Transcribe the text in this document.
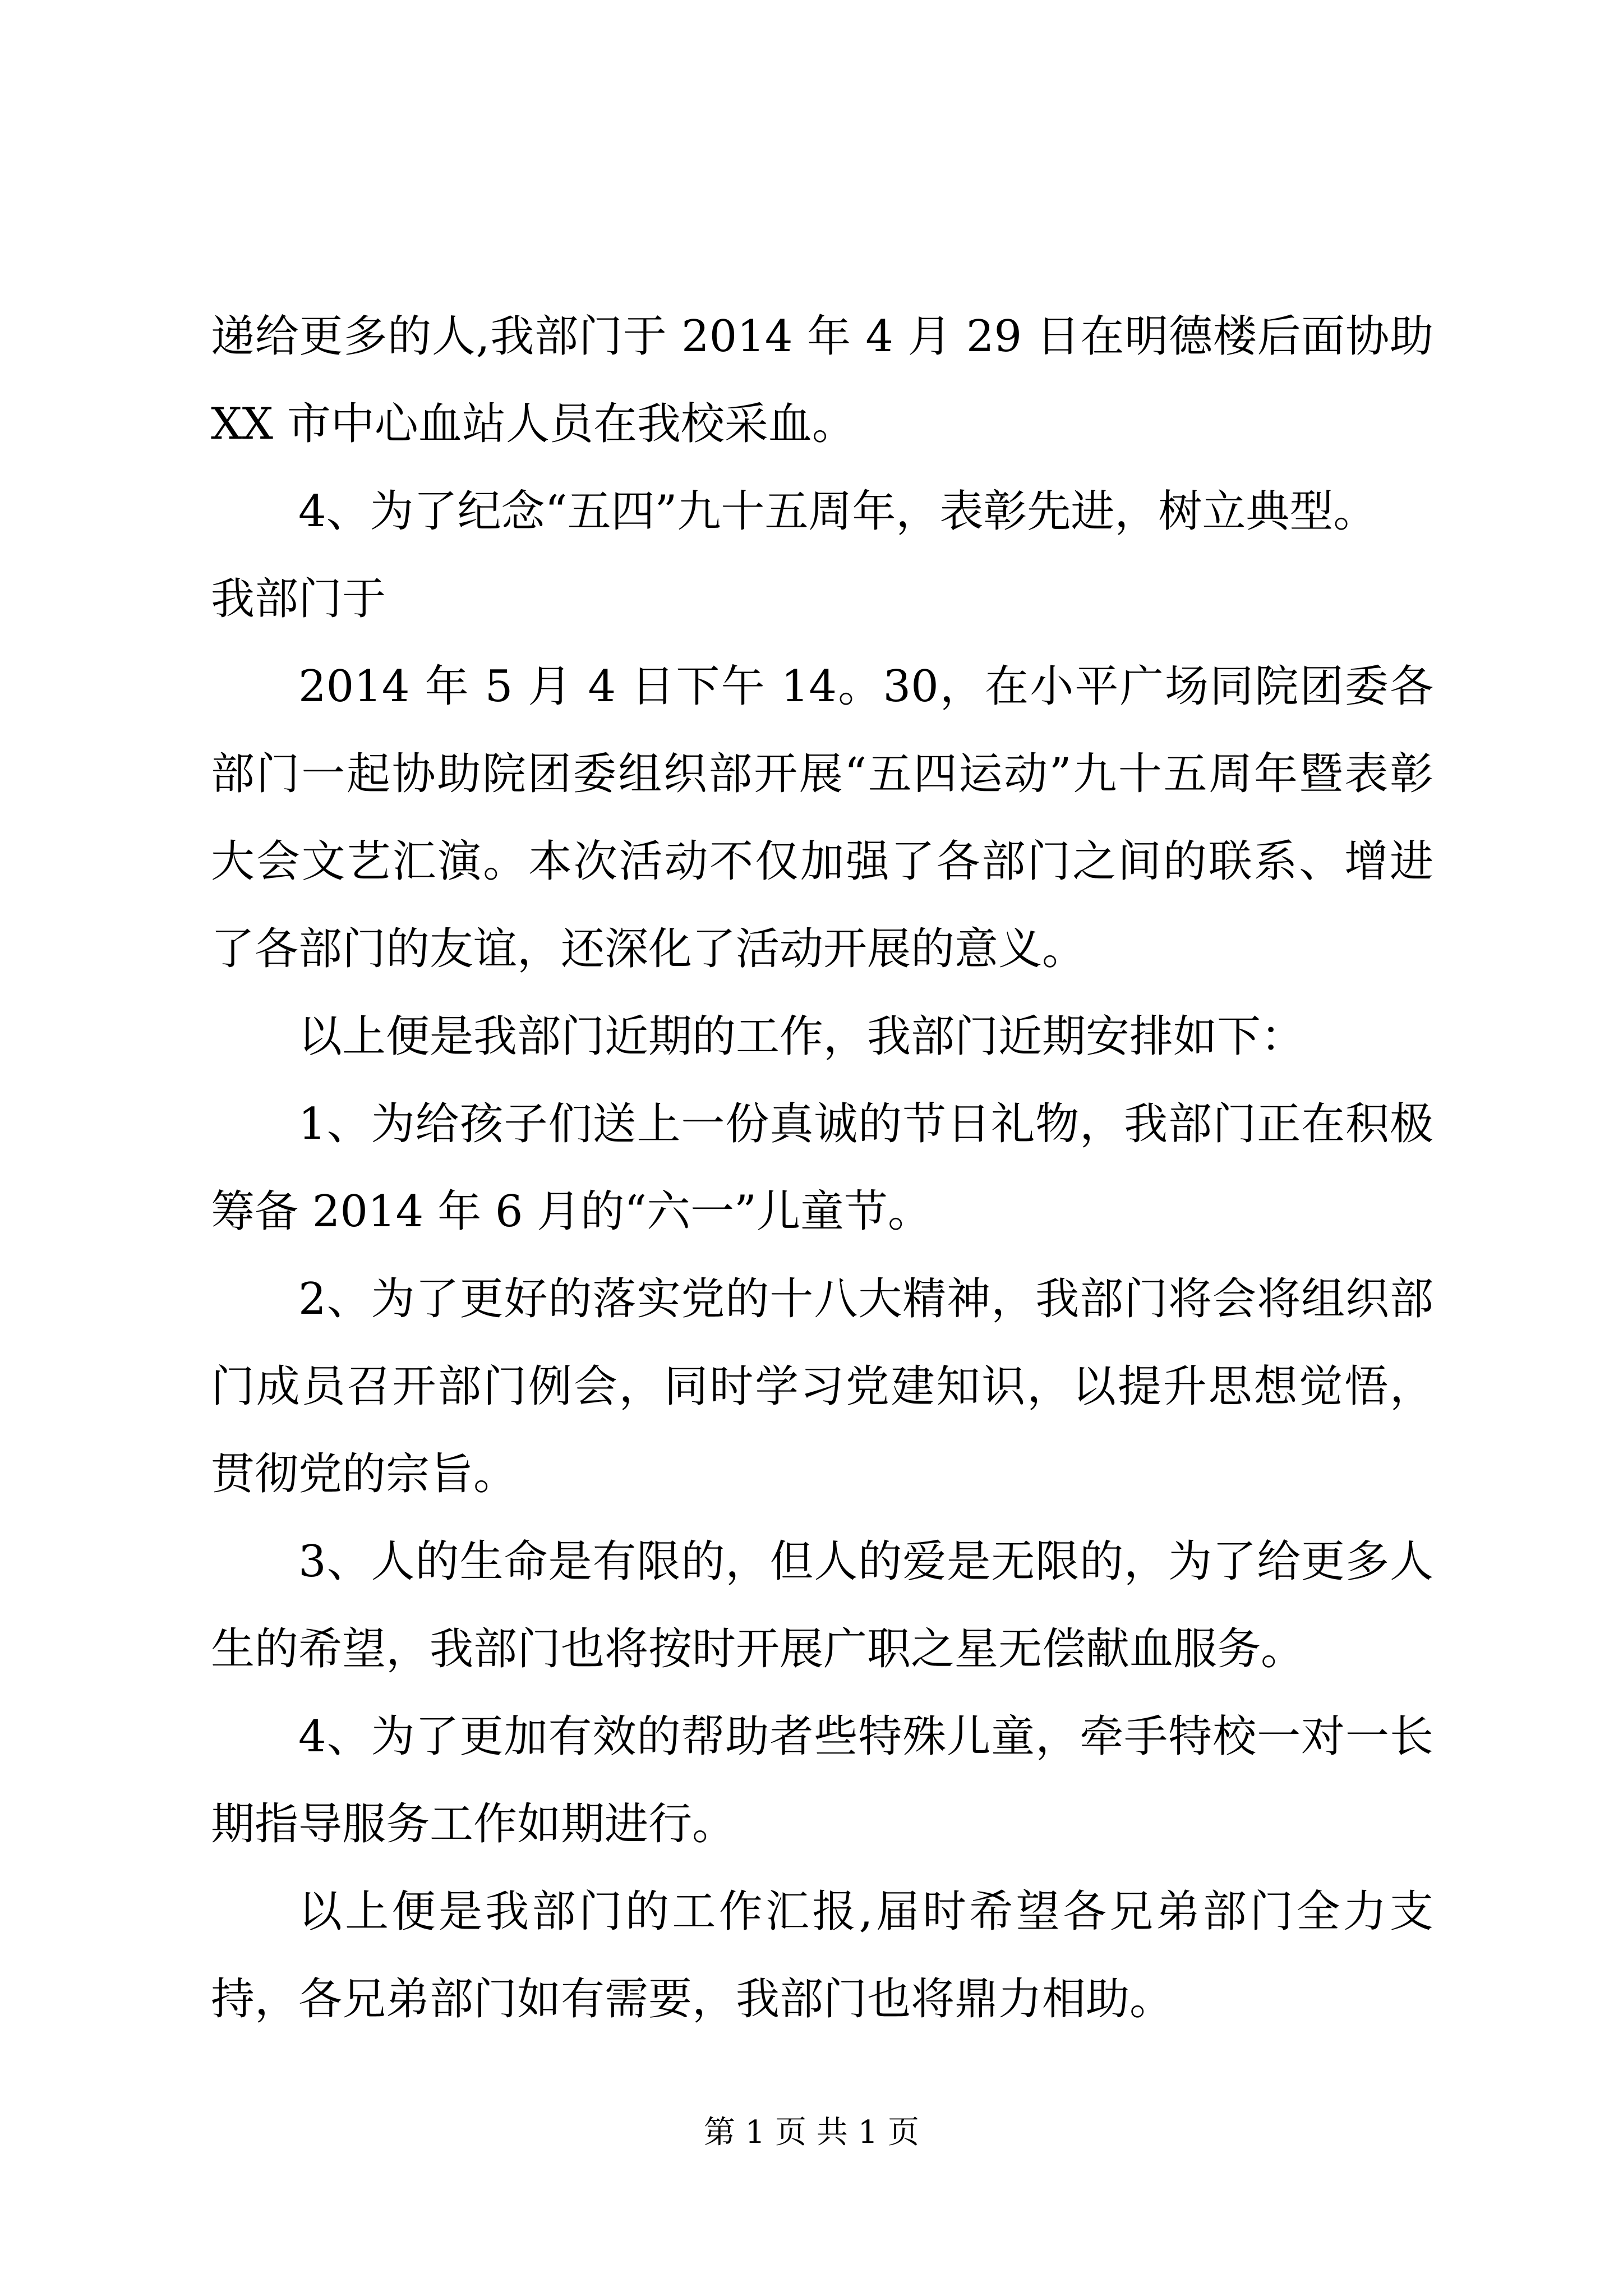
递给更多的人,我部门于 2014 年 4 月 29 日在明德楼后面协助 XX 市中心血站人员在我校采血。

4、为了纪念“五四”九十五周年，表彰先进，树立典型。

我部门于

2014 年 5 月 4 日下午 14。30，在小平广场同院团委各部门一起协助院团委组织部开展“五四运动”九十五周年暨表彰大会文艺汇演。本次活动不仅加强了各部门之间的联系、增进了各部门的友谊，还深化了活动开展的意义。

以上便是我部门近期的工作，我部门近期安排如下：

1、为给孩子们送上一份真诚的节日礼物，我部门正在积极筹备 2014 年 6 月的“六一”儿童节。

2、为了更好的落实党的十八大精神，我部门将会将组织部门成员召开部门例会，同时学习党建知识，以提升思想觉悟，贯彻党的宗旨。

3、人的生命是有限的，但人的爱是无限的，为了给更多人生的希望，我部门也将按时开展广职之星无偿献血服务。

4、为了更加有效的帮助者些特殊儿童，牵手特校一对一长期指导服务工作如期进行。

以上便是我部门的工作汇报,届时希望各兄弟部门全力支持，各兄弟部门如有需要，我部门也将鼎力相助。

第 1 页 共 1 页
